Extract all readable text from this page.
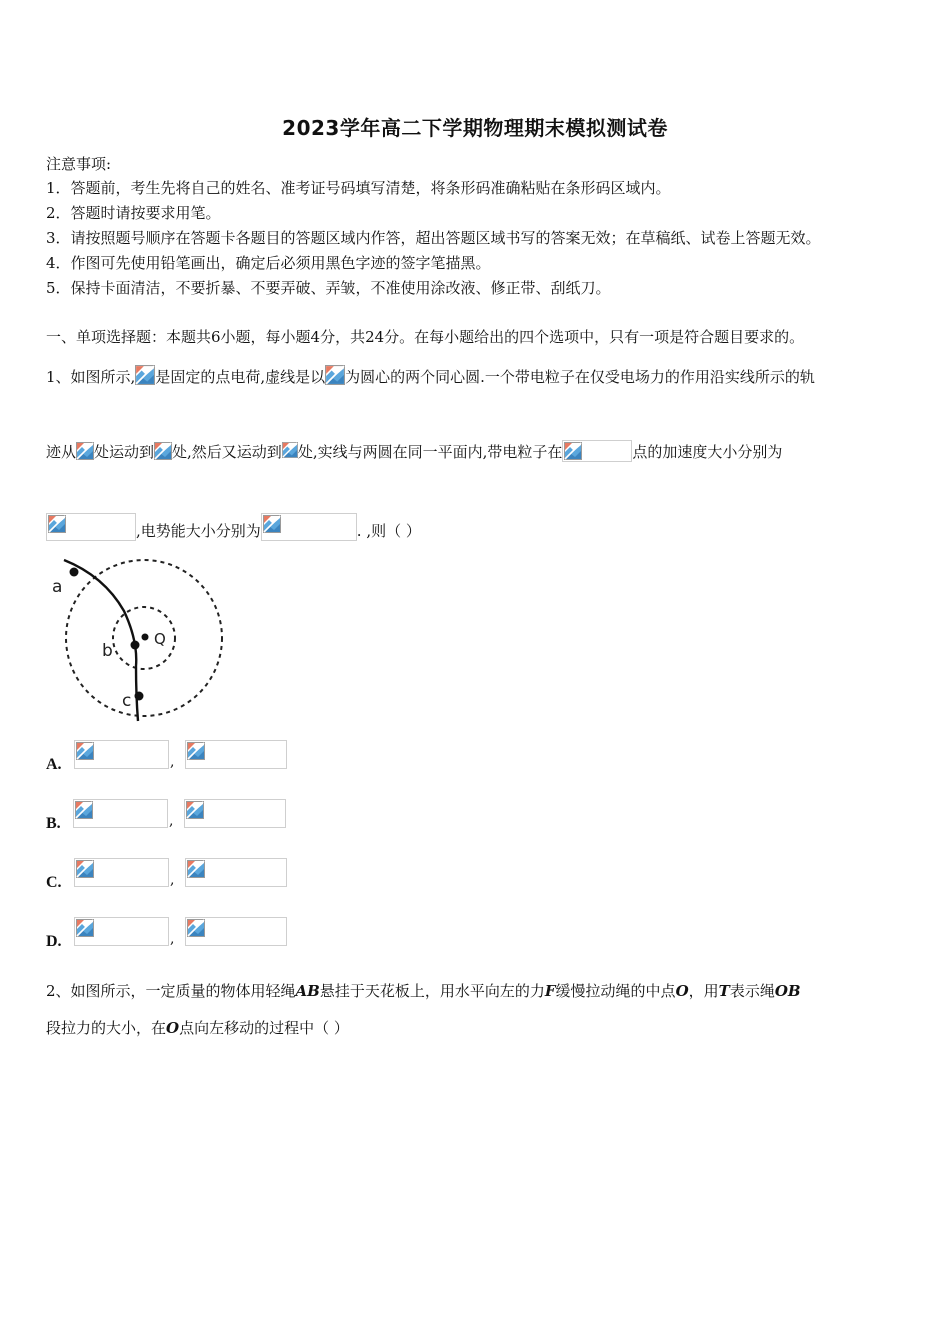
2023学年高二下学期物理期末模拟测试卷
注意事项:
1．答题前，考生先将自己的姓名、准考证号码填写清楚，将条形码准确粘贴在条形码区域内。
2．答题时请按要求用笔。
3．请按照题号顺序在答题卡各题目的答题区域内作答，超出答题区域书写的答案无效；在草稿纸、试卷上答题无效。
4．作图可先使用铅笔画出，确定后必须用黑色字迹的签字笔描黑。
5．保持卡面清洁，不要折暴、不要弄破、弄皱，不准使用涂改液、修正带、刮纸刀。
一、单项选择题：本题共6小题，每小题4分，共24分。在每小题给出的四个选项中，只有一项是符合题目要求的。
1、如图所示, 是固定的点电荷,虚线是以 为圆心的两个同心圆.一个带电粒子在仅受电场力的作用沿实线所示的轨
迹从 处运动到 处,然后又运动到 处,实线与两圆在同一平面内,带电粒子在	点的加速度大小分别为
,电势能大小分别为	. ,则（ ）
a
b
c
Q
A.	,
B.	,
C.	,
D.	,
2、如图所示，一定质量的物体用轻绳AB悬挂于天花板上，用水平向左的力F缓慢拉动绳的中点O，用T表示绳OB
段拉力的大小，在O点向左移动的过程中（ ）
